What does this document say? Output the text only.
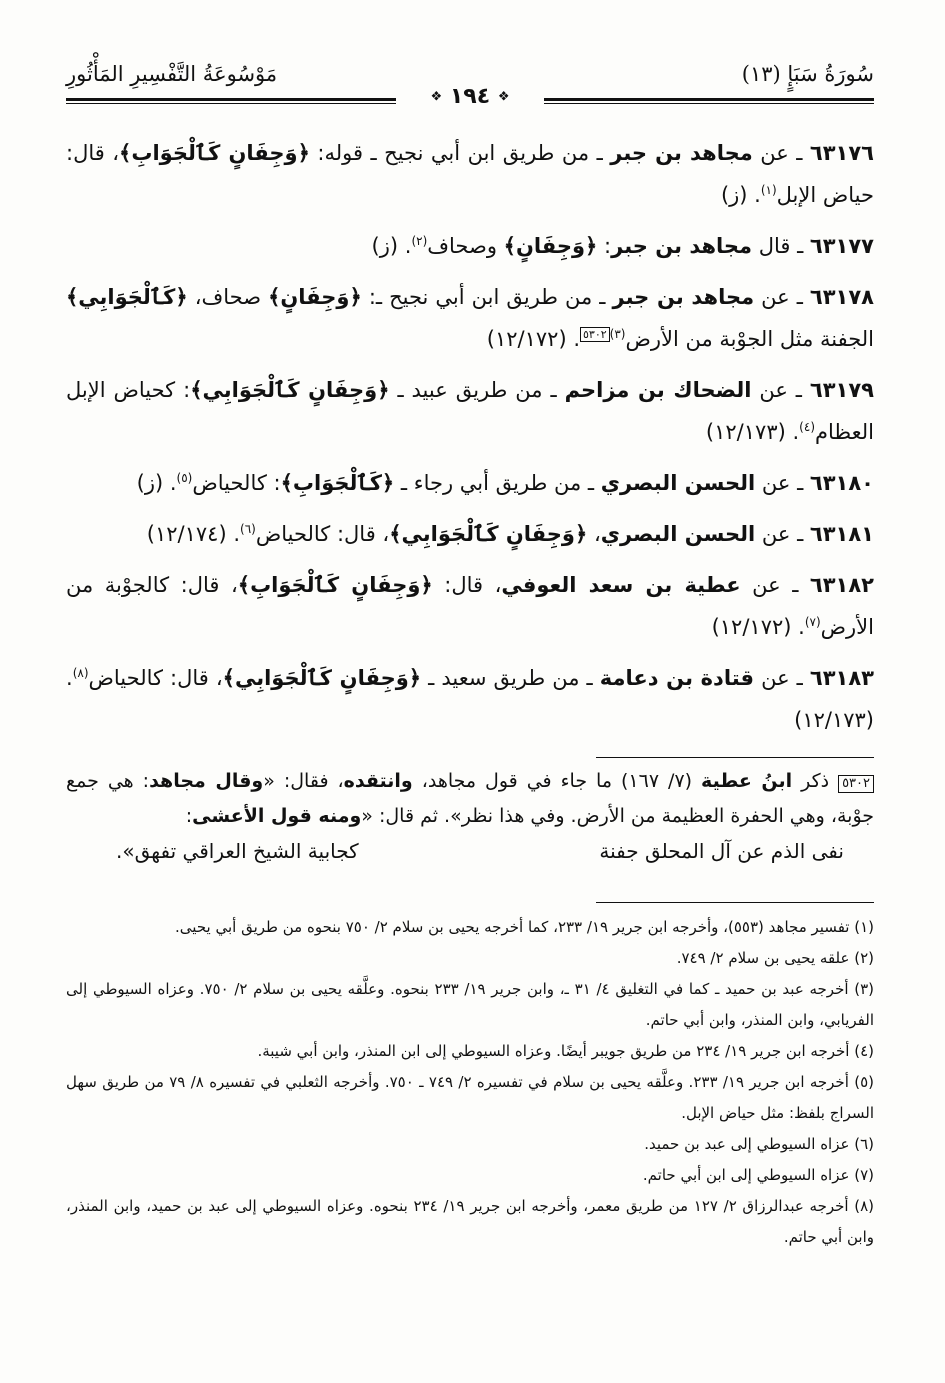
سُورَةُ سَبَإٍ (١٣)
مَوْسُوعَةُ التَّفْسِيرِ المَأْثُورِ
❖ ١٩٤ ❖

٦٣١٧٦ ـ عن مجاهد بن جبر ـ من طريق ابن أبي نجيح ـ قوله: ﴿وَجِفَانٍ كَٱلْجَوَابِ﴾، قال: حياض الإبل$^{(١)}$. (ز)

٦٣١٧٧ ـ قال مجاهد بن جبر: ﴿وَجِفَانٍ﴾ وصحاف$^{(٢)}$. (ز)

٦٣١٧٨ ـ عن مجاهد بن جبر ـ من طريق ابن أبي نجيح ـ: ﴿وَجِفَانٍ﴾ صحاف، ﴿كَٱلْجَوَابِي﴾ الجفنة مثل الجوْبة من الأرض$^{(٣)}$٥٣٠٢. (١٢/١٧٢)

٦٣١٧٩ ـ عن الضحاك بن مزاحم ـ من طريق عبيد ـ ﴿وَجِفَانٍ كَٱلْجَوَابِي﴾: كحياض الإبل العظام$^{(٤)}$. (١٢/١٧٣)

٦٣١٨٠ ـ عن الحسن البصري ـ من طريق أبي رجاء ـ ﴿كَٱلْجَوَابِ﴾: كالحياض$^{(٥)}$. (ز)

٦٣١٨١ ـ عن الحسن البصري، ﴿وَجِفَانٍ كَٱلْجَوَابِي﴾، قال: كالحياض$^{(٦)}$. (١٢/١٧٤)

٦٣١٨٢ ـ عن عطية بن سعد العوفي، قال: ﴿وَجِفَانٍ كَٱلْجَوَابِ﴾، قال: كالجوْبة من الأرض$^{(٧)}$. (١٢/١٧٢)

٦٣١٨٣ ـ عن قتادة بن دعامة ـ من طريق سعيد ـ ﴿وَجِفَانٍ كَٱلْجَوَابِي﴾، قال: كالحياض$^{(٨)}$. (١٢/١٧٣)

٥٣٠٢ ذكر ابنُ عطية (٧/ ١٦٧) ما جاء في قول مجاهد، وانتقده، فقال: «وقال مجاهد: هي جمع جوْبة، وهي الحفرة العظيمة من الأرض. وفي هذا نظر». ثم قال: «ومنه قول الأعشى:
نفى الذم عن آل المحلق جفنة
كجابية الشيخ العراقي تفهق».

(١) تفسير مجاهد (٥٥٣)، وأخرجه ابن جرير ١٩/ ٢٣٣، كما أخرجه يحيى بن سلام ٢/ ٧٥٠ بنحوه من طريق أبي يحيى.

(٢) علقه يحيى بن سلام ٢/ ٧٤٩.

(٣) أخرجه عبد بن حميد ـ كما في التغليق ٤/ ٣١ ـ، وابن جرير ١٩/ ٢٣٣ بنحوه. وعلَّقه يحيى بن سلام ٢/ ٧٥٠. وعزاه السيوطي إلى الفريابي، وابن المنذر، وابن أبي حاتم.

(٤) أخرجه ابن جرير ١٩/ ٢٣٤ من طريق جويبر أيضًا. وعزاه السيوطي إلى ابن المنذر، وابن أبي شيبة.

(٥) أخرجه ابن جرير ١٩/ ٢٣٣. وعلَّقه يحيى بن سلام في تفسيره ٢/ ٧٤٩ ـ ٧٥٠. وأخرجه الثعلبي في تفسيره ٨/ ٧٩ من طريق سهل السراج بلفظ: مثل حياض الإبل.

(٦) عزاه السيوطي إلى عبد بن حميد.

(٧) عزاه السيوطي إلى ابن أبي حاتم.

(٨) أخرجه عبدالرزاق ٢/ ١٢٧ من طريق معمر، وأخرجه ابن جرير ١٩/ ٢٣٤ بنحوه. وعزاه السيوطي إلى عبد بن حميد، وابن المنذر، وابن أبي حاتم.
